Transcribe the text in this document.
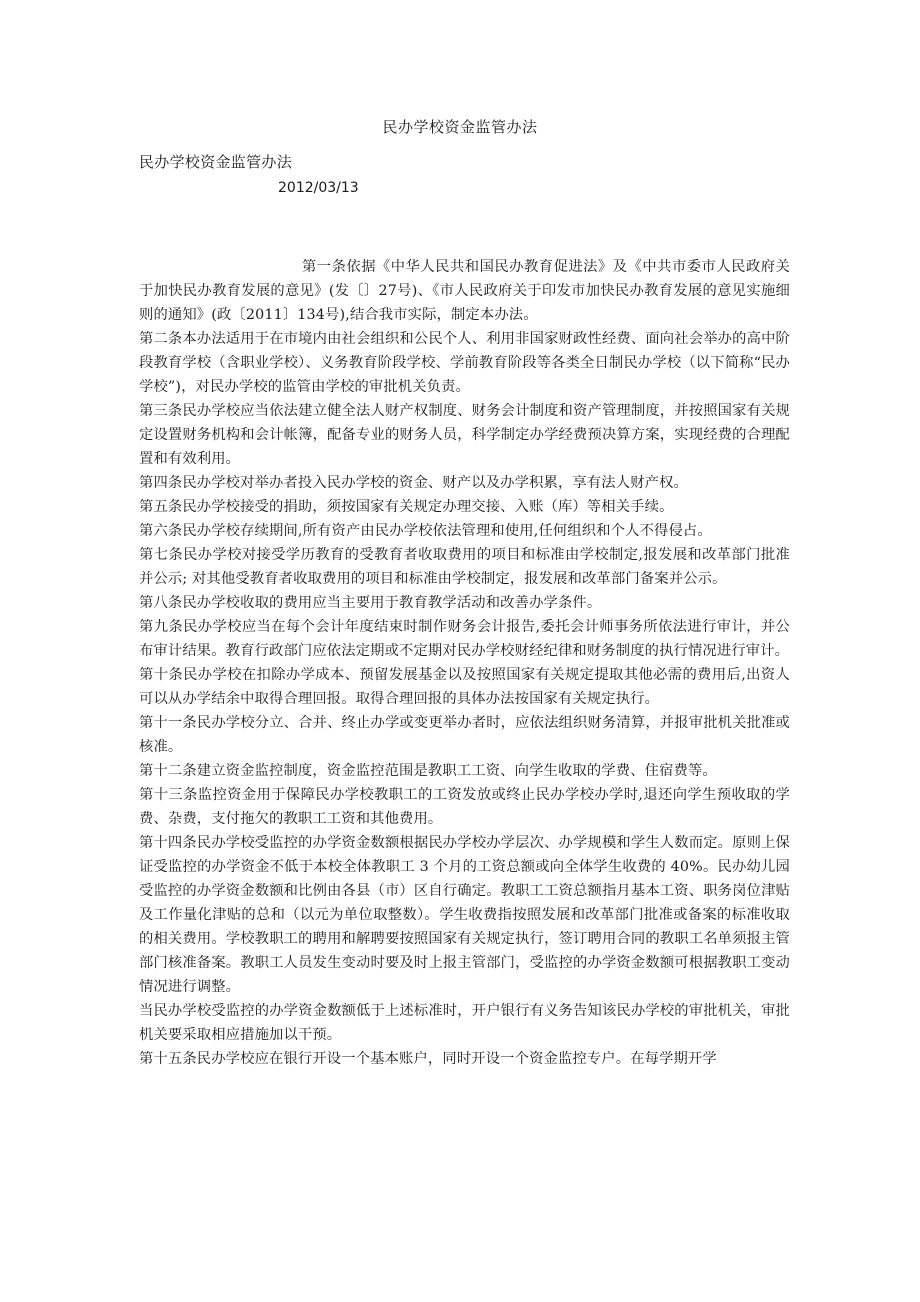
民办学校资金监管办法
民办学校资金监管办法
2012/03/13

第一条依据《中华人民共和国民办教育促进法》及《中共市委市人民政府关于加快民办教育发展的意见》(发〔〕27号)、《市人民政府关于印发市加快民办教育发展的意见实施细则的通知》(政〔2011〕134号),结合我市实际，制定本办法。

第二条本办法适用于在市境内由社会组织和公民个人、利用非国家财政性经费、面向社会举办的高中阶段教育学校（含职业学校）、义务教育阶段学校、学前教育阶段等各类全日制民办学校（以下简称“民办学校”)，对民办学校的监管由学校的审批机关负责。

第三条民办学校应当依法建立健全法人财产权制度、财务会计制度和资产管理制度，并按照国家有关规定设置财务机构和会计帐簿，配备专业的财务人员，科学制定办学经费预决算方案，实现经费的合理配置和有效利用。

第四条民办学校对举办者投入民办学校的资金、财产以及办学积累，享有法人财产权。

第五条民办学校接受的捐助，须按国家有关规定办理交接、入账（库）等相关手续。

第六条民办学校存续期间,所有资产由民办学校依法管理和使用,任何组织和个人不得侵占。

第七条民办学校对接受学历教育的受教育者收取费用的项目和标准由学校制定,报发展和改革部门批准并公示; 对其他受教育者收取费用的项目和标准由学校制定，报发展和改革部门备案并公示。

第八条民办学校收取的费用应当主要用于教育教学活动和改善办学条件。

第九条民办学校应当在每个会计年度结束时制作财务会计报告,委托会计师事务所依法进行审计，并公布审计结果。教育行政部门应依法定期或不定期对民办学校财经纪律和财务制度的执行情况进行审计。

第十条民办学校在扣除办学成本、预留发展基金以及按照国家有关规定提取其他必需的费用后,出资人可以从办学结余中取得合理回报。取得合理回报的具体办法按国家有关规定执行。

第十一条民办学校分立、合并、终止办学或变更举办者时，应依法组织财务清算，并报审批机关批准或核准。

第十二条建立资金监控制度，资金监控范围是教职工工资、向学生收取的学费、住宿费等。

第十三条监控资金用于保障民办学校教职工的工资发放或终止民办学校办学时,退还向学生预收取的学费、杂费，支付拖欠的教职工工资和其他费用。

第十四条民办学校受监控的办学资金数额根据民办学校办学层次、办学规模和学生人数而定。原则上保证受监控的办学资金不低于本校全体教职工 3 个月的工资总额或向全体学生收费的 40%。民办幼儿园受监控的办学资金数额和比例由各县（市）区自行确定。教职工工资总额指月基本工资、职务岗位津贴及工作量化津贴的总和（以元为单位取整数）。学生收费指按照发展和改革部门批准或备案的标准收取的相关费用。学校教职工的聘用和解聘要按照国家有关规定执行，签订聘用合同的教职工名单须报主管部门核准备案。教职工人员发生变动时要及时上报主管部门，受监控的办学资金数额可根据教职工变动情况进行调整。

当民办学校受监控的办学资金数额低于上述标准时，开户银行有义务告知该民办学校的审批机关，审批机关要采取相应措施加以干预。

第十五条民办学校应在银行开设一个基本账户，同时开设一个资金监控专户。在每学期开学
